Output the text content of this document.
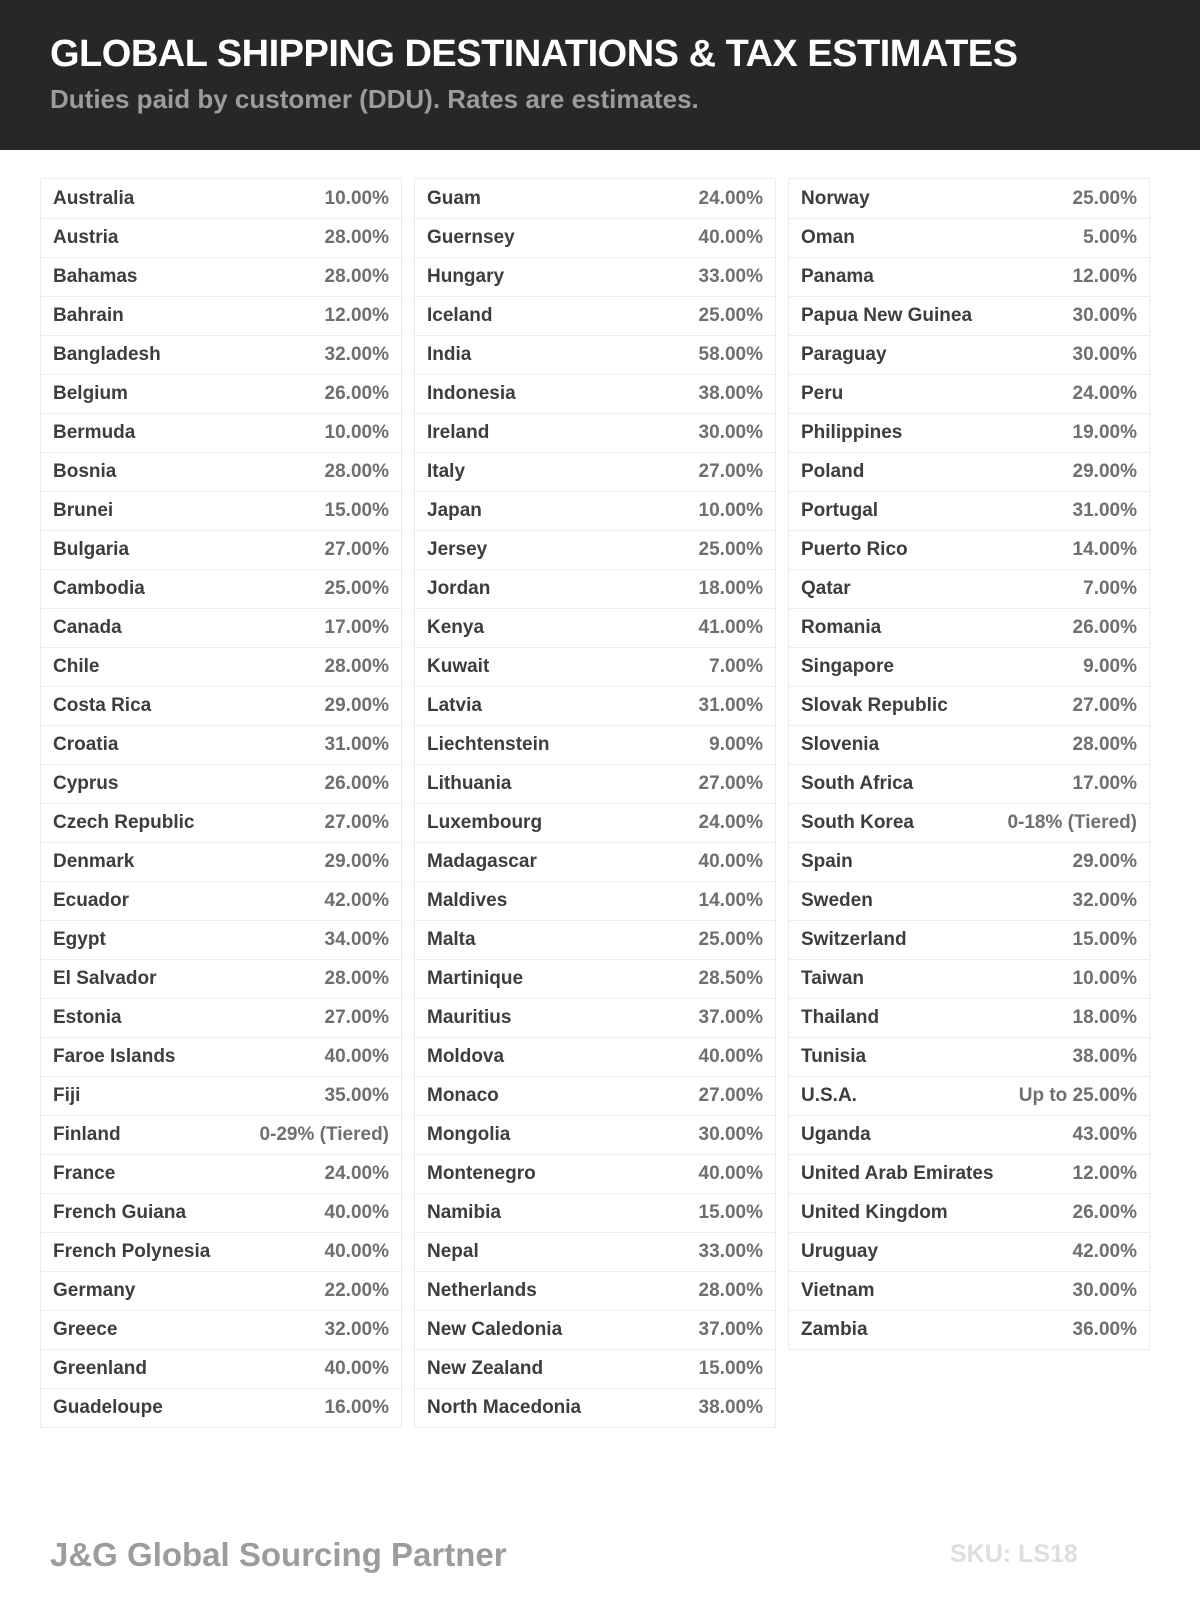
GLOBAL SHIPPING DESTINATIONS & TAX ESTIMATES
Duties paid by customer (DDU). Rates are estimates.
Australia	10.00%
Austria	28.00%
Bahamas	28.00%
Bahrain	12.00%
Bangladesh	32.00%
Belgium	26.00%
Bermuda	10.00%
Bosnia	28.00%
Brunei	15.00%
Bulgaria	27.00%
Cambodia	25.00%
Canada	17.00%
Chile	28.00%
Costa Rica	29.00%
Croatia	31.00%
Cyprus	26.00%
Czech Republic	27.00%
Denmark	29.00%
Ecuador	42.00%
Egypt	34.00%
El Salvador	28.00%
Estonia	27.00%
Faroe Islands	40.00%
Fiji	35.00%
Finland	0-29% (Tiered)
France	24.00%
French Guiana	40.00%
French Polynesia	40.00%
Germany	22.00%
Greece	32.00%
Greenland	40.00%
Guadeloupe	16.00%
Guam	24.00%
Guernsey	40.00%
Hungary	33.00%
Iceland	25.00%
India	58.00%
Indonesia	38.00%
Ireland	30.00%
Italy	27.00%
Japan	10.00%
Jersey	25.00%
Jordan	18.00%
Kenya	41.00%
Kuwait	7.00%
Latvia	31.00%
Liechtenstein	9.00%
Lithuania	27.00%
Luxembourg	24.00%
Madagascar	40.00%
Maldives	14.00%
Malta	25.00%
Martinique	28.50%
Mauritius	37.00%
Moldova	40.00%
Monaco	27.00%
Mongolia	30.00%
Montenegro	40.00%
Namibia	15.00%
Nepal	33.00%
Netherlands	28.00%
New Caledonia	37.00%
New Zealand	15.00%
North Macedonia	38.00%
Norway	25.00%
Oman	5.00%
Panama	12.00%
Papua New Guinea	30.00%
Paraguay	30.00%
Peru	24.00%
Philippines	19.00%
Poland	29.00%
Portugal	31.00%
Puerto Rico	14.00%
Qatar	7.00%
Romania	26.00%
Singapore	9.00%
Slovak Republic	27.00%
Slovenia	28.00%
South Africa	17.00%
South Korea	0-18% (Tiered)
Spain	29.00%
Sweden	32.00%
Switzerland	15.00%
Taiwan	10.00%
Thailand	18.00%
Tunisia	38.00%
U.S.A.	Up to 25.00%
Uganda	43.00%
United Arab Emirates	12.00%
United Kingdom	26.00%
Uruguay	42.00%
Vietnam	30.00%
Zambia	36.00%
J&G Global Sourcing Partner	SKU: LS18
